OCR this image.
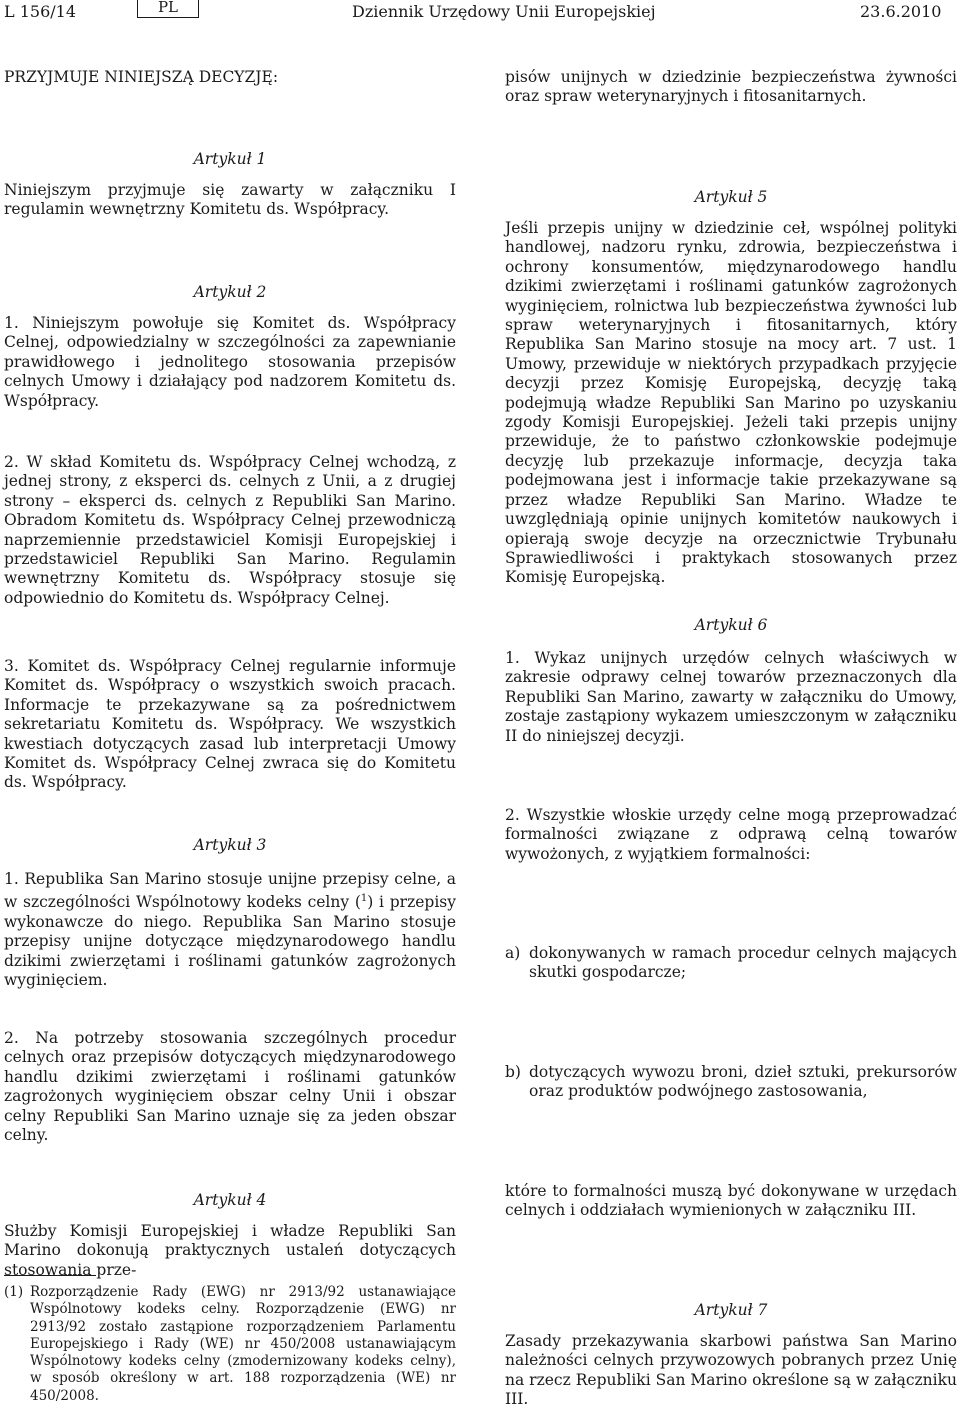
L 156/14	PL	Dziennik Urzędowy Unii Europejskiej	23.6.2010
PRZYJMUJE NINIEJSZĄ DECYZJĘ:
Artykuł 1
Niniejszym przyjmuje się zawarty w załączniku I regulamin wewnętrzny Komitetu ds. Współpracy.
Artykuł 2
1. Niniejszym powołuje się Komitet ds. Współpracy Celnej, odpowiedzialny w szczególności za zapewnianie prawidłowego i jednolitego stosowania przepisów celnych Umowy i działający pod nadzorem Komitetu ds. Współpracy.
2. W skład Komitetu ds. Współpracy Celnej wchodzą, z jednej strony, z eksperci ds. celnych z Unii, a z drugiej strony – eksperci ds. celnych z Republiki San Marino. Obradom Komitetu ds. Współpracy Celnej przewodniczą naprzemiennie przedstawiciel Komisji Europejskiej i przedstawiciel Republiki San Marino. Regulamin wewnętrzny Komitetu ds. Współpracy stosuje się odpowiednio do Komitetu ds. Współpracy Celnej.
3. Komitet ds. Współpracy Celnej regularnie informuje Komitet ds. Współpracy o wszystkich swoich pracach. Informacje te przekazywane są za pośrednictwem sekretariatu Komitetu ds. Współpracy. We wszystkich kwestiach dotyczących zasad lub interpretacji Umowy Komitet ds. Współpracy Celnej zwraca się do Komitetu ds. Współpracy.
Artykuł 3
1. Republika San Marino stosuje unijne przepisy celne, a w szczególności Wspólnotowy kodeks celny ($^1$) i przepisy wykonawcze do niego. Republika San Marino stosuje przepisy unijne dotyczące międzynarodowego handlu dzikimi zwierzętami i roślinami gatunków zagrożonych wyginięciem.
2. Na potrzeby stosowania szczególnych procedur celnych oraz przepisów dotyczących międzynarodowego handlu dzikimi zwierzętami i roślinami gatunków zagrożonych wyginięciem obszar celny Unii i obszar celny Republiki San Marino uznaje się za jeden obszar celny.
Artykuł 4
Służby Komisji Europejskiej i władze Republiki San Marino dokonują praktycznych ustaleń dotyczących stosowania prze-
(1) Rozporządzenie Rady (EWG) nr 2913/92 ustanawiające Wspólnotowy kodeks celny. Rozporządzenie (EWG) nr 2913/92 zostało zastąpione rozporządzeniem Parlamentu Europejskiego i Rady (WE) nr 450/2008 ustanawiającym Wspólnotowy kodeks celny (zmodernizowany kodeks celny), w sposób określony w art. 188 rozporządzenia (WE) nr 450/2008.
pisów unijnych w dziedzinie bezpieczeństwa żywności oraz spraw weterynaryjnych i fitosanitarnych.
Artykuł 5
Jeśli przepis unijny w dziedzinie ceł, wspólnej polityki handlowej, nadzoru rynku, zdrowia, bezpieczeństwa i ochrony konsumentów, międzynarodowego handlu dzikimi zwierzętami i roślinami gatunków zagrożonych wyginięciem, rolnictwa lub bezpieczeństwa żywności lub spraw weterynaryjnych i fitosanitarnych, który Republika San Marino stosuje na mocy art. 7 ust. 1 Umowy, przewiduje w niektórych przypadkach przyjęcie decyzji przez Komisję Europejską, decyzję taką podejmują władze Republiki San Marino po uzyskaniu zgody Komisji Europejskiej. Jeżeli taki przepis unijny przewiduje, że to państwo członkowskie podejmuje decyzję lub przekazuje informacje, decyzja taka podejmowana jest i informacje takie przekazywane są przez władze Republiki San Marino. Władze te uwzględniają opinie unijnych komitetów naukowych i opierają swoje decyzje na orzecznictwie Trybunału Sprawiedliwości i praktykach stosowanych przez Komisję Europejską.
Artykuł 6
1. Wykaz unijnych urzędów celnych właściwych w zakresie odprawy celnej towarów przeznaczonych dla Republiki San Marino, zawarty w załączniku do Umowy, zostaje zastąpiony wykazem umieszczonym w załączniku II do niniejszej decyzji.
2. Wszystkie włoskie urzędy celne mogą przeprowadzać formalności związane z odprawą celną towarów wywożonych, z wyjątkiem formalności:
a) dokonywanych w ramach procedur celnych mających skutki gospodarcze;
b) dotyczących wywozu broni, dzieł sztuki, prekursorów oraz produktów podwójnego zastosowania,
które to formalności muszą być dokonywane w urzędach celnych i oddziałach wymienionych w załączniku III.
Artykuł 7
Zasady przekazywania skarbowi państwa San Marino należności celnych przywozowych pobranych przez Unię na rzecz Republiki San Marino określone są w załączniku III.
